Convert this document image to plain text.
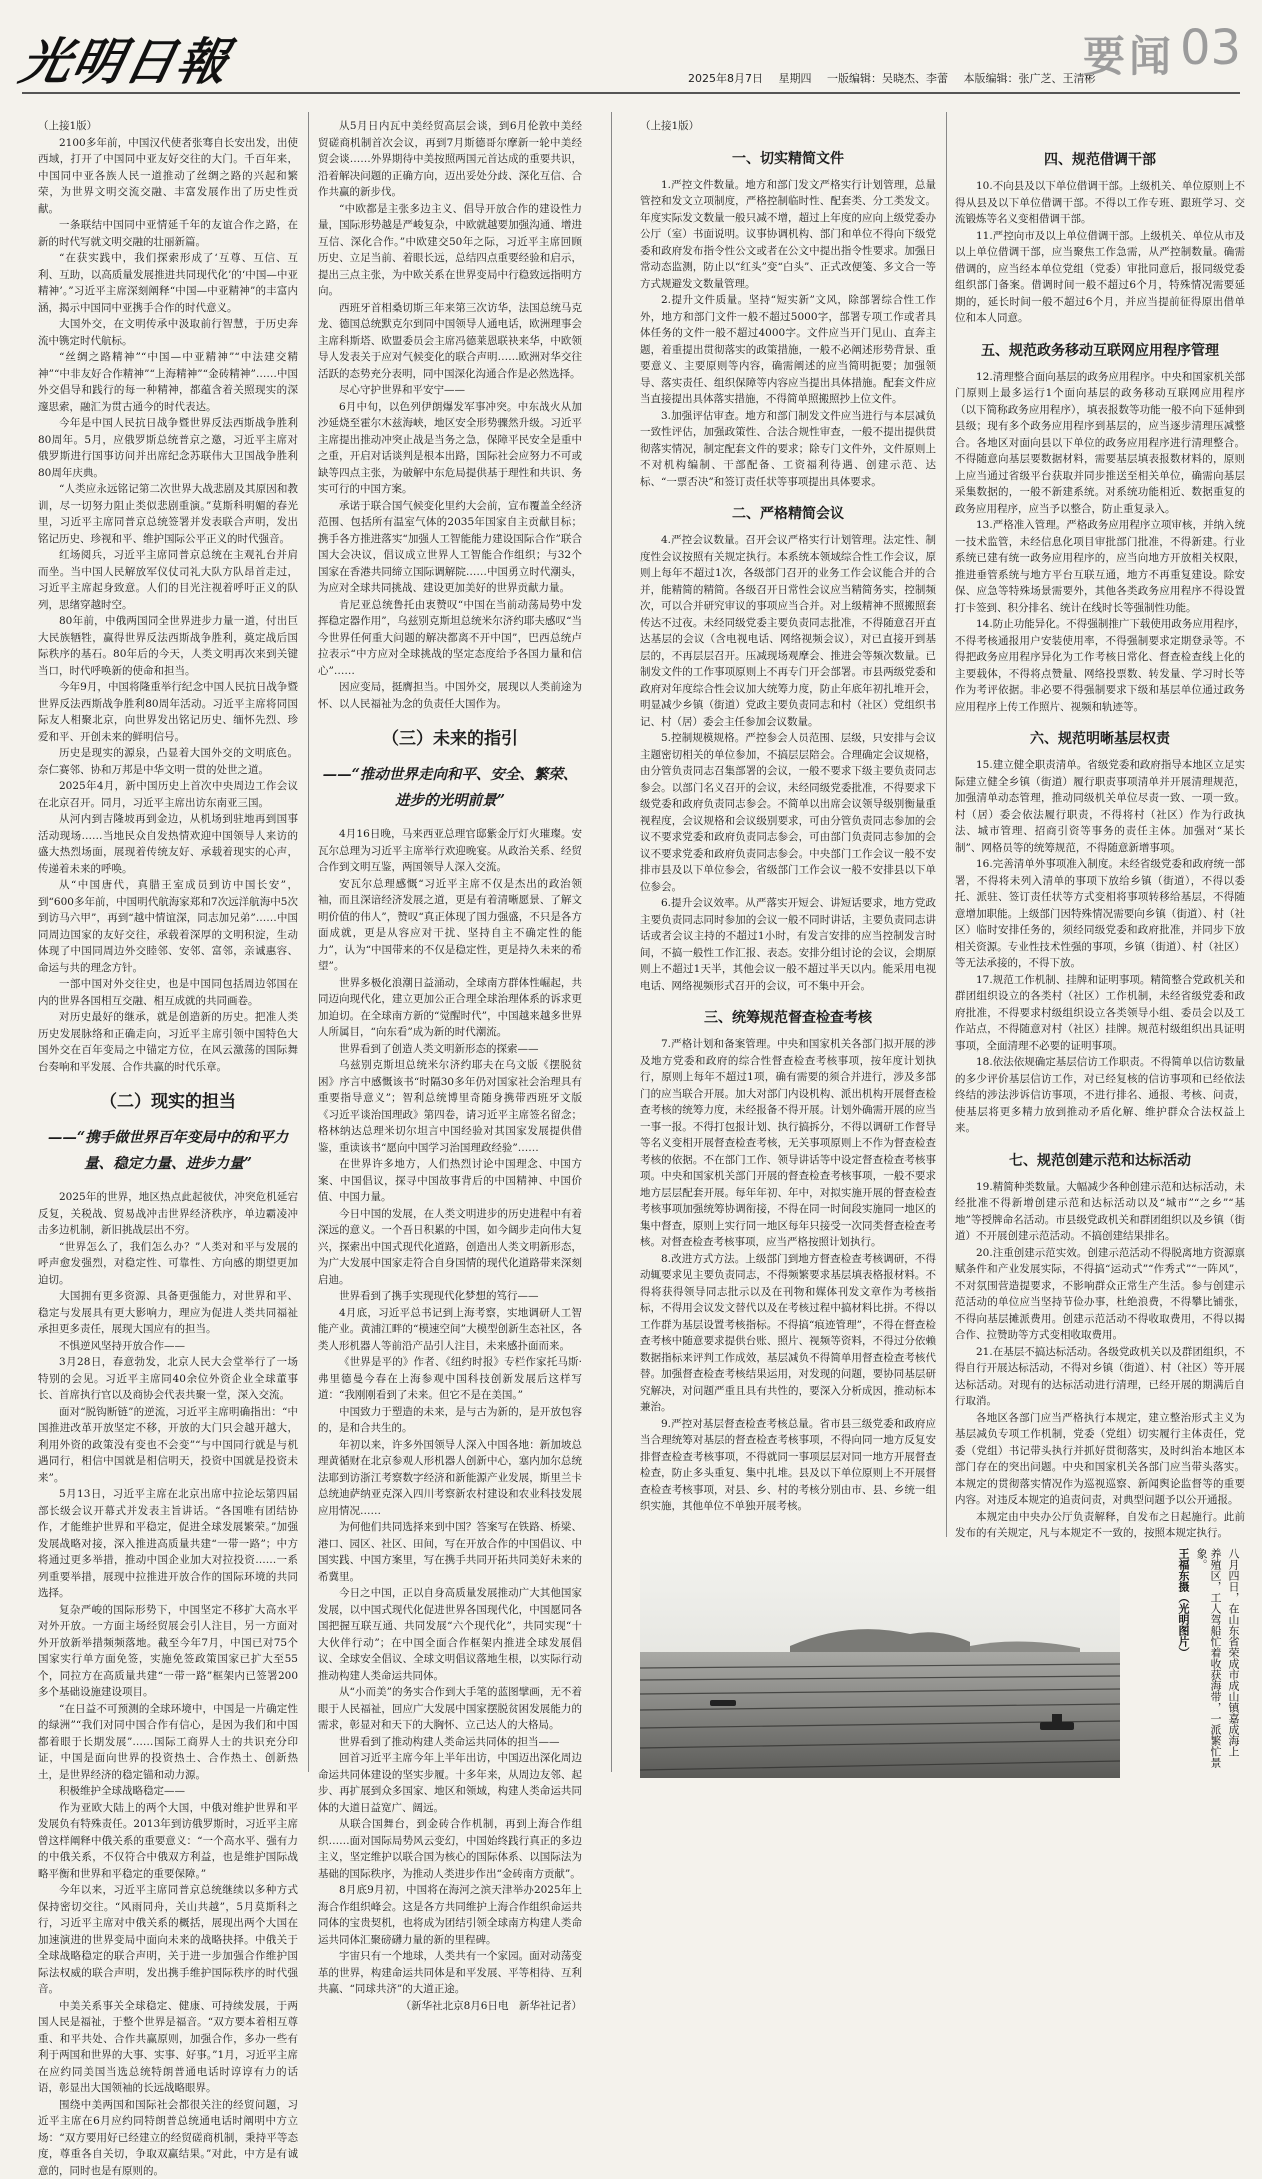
光明日報	2025年8月7日 星期四 一版编辑：吴晓杰、李蕾 本版编辑：张广芝、王清彬
要闻 03

（上接1版）

2100多年前，中国汉代使者张骞自长安出发，出使西域，打开了中国同中亚友好交往的大门。千百年来，中国同中亚各族人民一道推动了丝绸之路的兴起和繁荣，为世界文明交流交融、丰富发展作出了历史性贡献。

一条联结中国同中亚情延千年的友谊合作之路，在新的时代写就文明交融的壮丽新篇。

“在获实践中，我们探索形成了‘互尊、互信、互利、互助，以高质量发展推进共同现代化’的‘中国—中亚精神’。”习近平主席深刻阐释“中国—中亚精神”的丰富内涵，揭示中国同中亚携手合作的时代意义。

大国外交，在文明传承中汲取前行智慧，于历史奔流中镌定时代航标。

“丝绸之路精神”“中国—中亚精神”“中法建交精神”“中非友好合作精神”“上海精神”“金砖精神”……中国外交倡导和践行的每一种精神，都蕴含着关照现实的深邃思索，融汇为贯古通今的时代表达。

今年是中国人民抗日战争暨世界反法西斯战争胜利80周年。5月，应俄罗斯总统普京之邀，习近平主席对俄罗斯进行国事访问并出席纪念苏联伟大卫国战争胜利80周年庆典。

“人类应永远铭记第二次世界大战悲剧及其原因和教训，尽一切努力阻止类似悲剧重演。”莫斯科明媚的春光里，习近平主席同普京总统签署并发表联合声明，发出铭记历史、珍视和平、维护国际公平正义的时代强音。

红场阅兵，习近平主席同普京总统在主观礼台并肩而坐。当中国人民解放军仪仗司礼大队方队昂首走过，习近平主席起身致意。人们的目光注视着呼吁正义的队列，思绪穿越时空。

80年前，中俄两国同全世界进步力量一道，付出巨大民族牺牲，赢得世界反法西斯战争胜利，奠定战后国际秩序的基石。80年后的今天，人类文明再次来到关键当口，时代呼唤新的使命和担当。

今年9月，中国将隆重举行纪念中国人民抗日战争暨世界反法西斯战争胜利80周年活动。习近平主席将同国际友人相聚北京，向世界发出铭记历史、缅怀先烈、珍爱和平、开创未来的鲜明信号。

历史是现实的源泉，凸显着大国外交的文明底色。奈仁赛邻、协和万邦是中华文明一贯的处世之道。

2025年4月，新中国历史上首次中央周边工作会议在北京召开。同月，习近平主席出访东南亚三国。

从河内到吉隆坡再到金边，从机场到驻地再到国事活动现场……当地民众自发热情欢迎中国领导人来访的盛大热烈场面，展现着传统友好、承载着现实的心声，传递着未来的呼唤。

从“中国唐代，真腊王室成员到访中国长安”，到“600多年前，中国明代航海家郑和7次远洋航海中5次到访马六甲”，再到“越中情谊深，同志加兄弟”……中国同周边国家的友好交往，承载着深厚的文明积淀，生动体现了中国同周边外交睦邻、安邻、富邻，亲诚惠容、命运与共的理念方针。

一部中国对外交往史，也是中国同包括周边邻国在内的世界各国相互交融、相互成就的共同画卷。

对历史最好的继承，就是创造新的历史。把准人类历史发展脉络和正确走向，习近平主席引领中国特色大国外交在百年变局之中锚定方位，在风云激荡的国际舞台奏响和平发展、合作共赢的时代乐章。

（二）现实的担当
——“携手做世界百年变局中的和平力量、稳定力量、进步力量”

2025年的世界，地区热点此起彼伏，冲突危机延宕反复，关税战、贸易战冲击世界经济秩序，单边霸凌冲击多边机制，新旧挑战层出不穷。

“世界怎么了，我们怎么办？”人类对和平与发展的呼声愈发强烈，对稳定性、可靠性、方向感的期望更加迫切。

大国拥有更多资源、具备更强能力，对世界和平、稳定与发展具有更大影响力，理应为促进人类共同福祉承担更多责任，展现大国应有的担当。

不惧逆风坚持开放合作——

3月28日，春意勃发，北京人民大会堂举行了一场特别的会见。习近平主席同40余位外资企业全球董事长、首席执行官以及商协会代表共聚一堂，深入交流。

面对“脱钩断链”的逆流，习近平主席明确指出：“中国推进改革开放坚定不移，开放的大门只会越开越大，利用外资的政策没有变也不会变”“与中国同行就是与机遇同行，相信中国就是相信明天，投资中国就是投资未来”。

5月13日，习近平主席在北京出席中拉论坛第四届部长级会议开幕式并发表主旨讲话。“各国唯有团结协作，才能维护世界和平稳定，促进全球发展繁荣。”加强发展战略对接，深入推进高质量共建“一带一路”；中方将通过更多举措，推动中国企业加大对拉投资……一系列重要举措，展现中拉推进开放合作的国际环境的共同选择。

复杂严峻的国际形势下，中国坚定不移扩大高水平对外开放。一方面主场经贸展会引人注目，另一方面对外开放新举措频频落地。截至今年7月，中国已对75个国家实行单方面免签，实施免签政策国家已扩大至55个，同拉方在高质量共建“一带一路”框架内已签署200多个基础设施建设项目。

“在日益不可预测的全球环境中，中国是一片确定性的绿洲”“我们对同中国合作有信心，是因为我们和中国都着眼于长期发展”……国际工商界人士的共识充分印证，中国是面向世界的投资热土、合作热土、创新热土，是世界经济的稳定锚和动力源。

积极维护全球战略稳定——

作为亚欧大陆上的两个大国，中俄对维护世界和平发展负有特殊责任。2013年到访俄罗斯时，习近平主席曾这样阐释中俄关系的重要意义：“一个高水平、强有力的中俄关系，不仅符合中俄双方利益，也是维护国际战略平衡和世界和平稳定的重要保障。”

今年以来，习近平主席同普京总统继续以多种方式保持密切交往。“风雨同舟，关山共越”，5月莫斯科之行，习近平主席对中俄关系的概括，展现出两个大国在加速演进的世界变局中面向未来的战略抉择。中俄关于全球战略稳定的联合声明，关于进一步加强合作维护国际法权威的联合声明，发出携手维护国际秩序的时代强音。

中美关系事关全球稳定、健康、可持续发展，于两国人民是福祉，于整个世界是福音。“双方要本着相互尊重、和平共处、合作共赢原则，加强合作，多办一些有利于两国和世界的大事、实事、好事。”1月，习近平主席在应约同美国当选总统特朗普通电话时谆谆有力的话语，彰显出大国领袖的长远战略眼界。

围绕中美两国和国际社会都很关注的经贸问题，习近平主席在6月应约同特朗普总统通电话时阐明中方立场：“双方要用好已经建立的经贸磋商机制，秉持平等态度，尊重各自关切，争取双赢结果。”对此，中方是有诚意的，同时也是有原则的。

从5月日内瓦中美经贸高层会谈，到6月伦敦中美经贸磋商机制首次会议，再到7月斯德哥尔摩新一轮中美经贸会谈……外界期待中美按照两国元首达成的重要共识，沿着解决问题的正确方向，迈出妥处分歧、深化互信、合作共赢的新步伐。

“中欧都是主张多边主义、倡导开放合作的建设性力量，国际形势越是严峻复杂，中欧就越要加强沟通、增进互信、深化合作。”中欧建交50年之际，习近平主席回顾历史、立足当前、着眼长远，总结四点重要经验和启示，提出三点主张，为中欧关系在世界变局中行稳致远指明方向。

西班牙首相桑切斯三年来第三次访华，法国总统马克龙、德国总统默克尔到同中国领导人通电话，欧洲理事会主席科斯塔、欧盟委员会主席冯德莱恩联袂来华，中欧领导人发表关于应对气候变化的联合声明……欧洲对华交往活跃的态势充分表明，同中国深化沟通合作是必然选择。

尽心守护世界和平安宁——

6月中旬，以色列伊朗爆发军事冲突。中东战火从加沙延烧至霍尔木兹海峡，地区安全形势骤然升级。习近平主席提出推动冲突止战是当务之急，保障平民安全是重中之重，开启对话谈判是根本出路，国际社会应努力不可或缺等四点主张，为破解中东危局提供基于理性和共识、务实可行的中国方案。

承诺于联合国气候变化里约大会前，宣布覆盖全经济范围、包括所有温室气体的2035年国家自主贡献目标；携手各方推进落实“加强人工智能能力建设国际合作”联合国大会决议，倡议成立世界人工智能合作组织；与32个国家在香港共同缔立国际调解院……中国勇立时代潮头，为应对全球共同挑战、建设更加美好的世界贡献力量。

肯尼亚总统鲁托由衷赞叹“中国在当前动荡局势中发挥稳定器作用”，乌兹别克斯坦总统米尔济约耶夫感叹“当今世界任何重大问题的解决都离不开中国”，巴西总统卢拉表示“中方应对全球挑战的坚定态度给予各国力量和信心”……

因应变局，挺膺担当。中国外交，展现以人类前途为怀、以人民福祉为念的负责任大国作为。

（三）未来的指引
——“推动世界走向和平、安全、繁荣、进步的光明前景”

4月16日晚，马来西亚总理官邸紫金厅灯火璀璨。安瓦尔总理为习近平主席举行欢迎晚宴。从政治关系、经贸合作到文明互鉴，两国领导人深入交流。

安瓦尔总理感慨“习近平主席不仅是杰出的政治领袖，而且深谙经济发展之道，更是有着清晰愿景、了解文明价值的伟人”，赞叹“真正体现了国力强盛，不只是各方面成就，更是从容应对干扰、坚持自主不确定性的能力”，认为“中国带来的不仅是稳定性，更是持久未来的希望”。

世界多极化浪潮日益涌动，全球南方群体性崛起，共同迈向现代化，建立更加公正合理全球治理体系的诉求更加迫切。在全球南方新的“觉醒时代”，中国越来越多世界人所属目，“向东看”成为新的时代潮流。

世界看到了创造人类文明新形态的探索——

乌兹别克斯坦总统米尔济约耶夫在乌文版《摆脱贫困》序言中感慨该书“时隔30多年仍对国家社会治理具有重要指导意义”；智利总统博里奇随身携带西班牙文版《习近平谈治国理政》第四卷，请习近平主席签名留念；格林纳达总理米切尔坦言中国经验对其国家发展提供借鉴，重读该书“愿向中国学习治国理政经验”……

在世界许多地方，人们热烈讨论中国理念、中国方案、中国倡议，探寻中国故事背后的中国精神、中国价值、中国力量。

今日中国的发展，在人类文明进步的历史进程中有着深远的意义。一个吾日积累的中国，如今阔步走向伟大复兴，探索出中国式现代化道路，创造出人类文明新形态，为广大发展中国家走符合自身国情的现代化道路带来深刻启迪。

世界看到了携手实现现代化梦想的笃行——

4月底，习近平总书记到上海考察，实地调研人工智能产业。黄浦江畔的“模速空间”大模型创新生态社区，各类人形机器人等前沿产品引人注目，未来感扑面而来。

《世界是平的》作者、《纽约时报》专栏作家托马斯·弗里德曼今春在上海参观中国科技创新发展后这样写道：“我刚刚看到了未来。但它不是在美国。”

中国致力于塑造的未来，是与古为新的，是开放包容的，是和合共生的。

年初以来，许多外国领导人深入中国各地：新加坡总理黄循财在北京参观人形机器人创新中心，塞内加尔总统法耶到访浙江考察数字经济和新能源产业发展，斯里兰卡总统迪萨纳亚克深入四川考察新农村建设和农业科技发展应用情况……

为何他们共同选择来到中国？答案写在铁路、桥梁、港口、园区、社区、田间，写在开放合作的中国倡议、中国实践、中国方案里，写在携手共同开拓共同美好未来的希冀里。

今日之中国，正以自身高质量发展推动广大其他国家发展，以中国式现代化促进世界各国现代化，中国愿同各国把握互联互通、共同发展“六个现代化”，共同实现“十大伙伴行动”；在中国全面合作框架内推进全球发展倡议、全球安全倡议、全球文明倡议落地生根，以实际行动推动构建人类命运共同体。

从“小而美”的务实合作到大手笔的蓝图擘画，无不着眼于人民福祉，回应广大发展中国家摆脱贫困发展能力的需求，彰显对和天下的大胸怀、立己达人的大格局。

世界看到了推动构建人类命运共同体的担当——

回首习近平主席今年上半年出访，中国迈出深化周边命运共同体建设的坚实步履。十多年来，从周边友邻、起步、再扩展到众多国家、地区和领域，构建人类命运共同体的大道日益宽广、阔远。

从联合国舞台，到金砖合作机制，再到上海合作组织……面对国际局势风云变幻，中国始终践行真正的多边主义，坚定维护以联合国为核心的国际体系、以国际法为基础的国际秩序，为推动人类进步作出“金砖南方贡献”。

8月底9月初，中国将在海河之滨天津举办2025年上海合作组织峰会。这是各方共同维护上海合作组织命运共同体的宝贵契机，也将成为团结引领全球南方构建人类命运共同体汇聚磅礴力量的新的里程碑。

宇宙只有一个地球，人类共有一个家园。面对动荡变革的世界，构建命运共同体是和平发展、平等相待、互利共赢、“同球共济”的大道正途。

（新华社北京8月6日电　新华社记者）

（上接1版）

一、切实精简文件

1.严控文件数量。地方和部门发文严格实行计划管理，总量管控和发文立项制度，严格控制临时性、配套类、分工类发文。年度实际发文数量一般只减不增，超过上年度的应向上级党委办公厅（室）书面说明。议事协调机构、部门和单位不得向下级党委和政府发布指令性公文或者在公文中提出指令性要求。加强日常动态监测，防止以“红头”变“白头”、正式改便笺、多文合一等方式规避发文数量管理。

2.提升文件质量。坚持“短实新”文风，除部署综合性工作外，地方和部门文件一般不超过5000字，部署专项工作或者具体任务的文件一般不超过4000字。文件应当开门见山、直奔主题，着重提出贯彻落实的政策措施，一般不必阐述形势背景、重要意义、主要原则等内容，确需阐述的应当简明扼要；加强领导、落实责任、组织保障等内容应当提出具体措施。配套文件应当直接提出具体落实措施，不得简单照搬照抄上位文件。

3.加强评估审查。地方和部门制发文件应当进行与本层减负一致性评估，加强政策性、合法合规性审查，一般不提出提供贯彻落实情况，制定配套文件的要求；除专门文件外，文件原则上不对机构编制、干部配备、工资福利待遇、创建示范、达标、“一票否决”和签订责任状等事项提出具体要求。

二、严格精简会议

4.严控会议数量。召开会议严格实行计划管理。法定性、制度性会议按照有关规定执行。本系统本领域综合性工作会议，原则上每年不超过1次，各级部门召开的业务工作会议能合并的合并，能精简的精简。各级召开日常性会议应当精简务实，控制频次，可以合并研究审议的事项应当合并。对上级精神不照搬照套传达不过夜。未经同级党委主要负责同志批准，不得随意召开直达基层的会议（含电视电话、网络视频会议），对已直接开到基层的，不再层层召开。压减现场观摩会、推进会等频次数量。已制发文件的工作事项原则上不再专门开会部署。市县两级党委和政府对年度综合性会议加大统筹力度，防止年底年初扎堆开会，明显减少乡镇（街道）党政主要负责同志和村（社区）党组织书记、村（居）委会主任参加会议数量。

5.控制规模规格。严控参会人员范围、层级，只安排与会议主题密切相关的单位参加，不搞层层陪会。合理确定会议规格，由分管负责同志召集部署的会议，一般不要求下级主要负责同志参会。以部门名义召开的会议，未经同级党委批准，不得要求下级党委和政府负责同志参会。不简单以出席会议领导级别衡量重视程度，会议规格和会议级别要求，可由分管负责同志参加的会议不要求党委和政府负责同志参会，可由部门负责同志参加的会议不要求党委和政府负责同志参会。中央部门工作会议一般不安排市县及以下单位参会，省级部门工作会议一般不安排县以下单位参会。

6.提升会议效率。从严落实开短会、讲短话要求，地方党政主要负责同志同时参加的会议一般不同时讲话，主要负责同志讲话或者会议主持的不超过1小时，有发言安排的应当控制发言时间，不搞一般性工作汇报、表态。安排分组讨论的会议，会期原则上不超过1天半，其他会议一般不超过半天以内。能采用电视电话、网络视频形式召开的会议，可不集中开会。

三、统筹规范督查检查考核

7.严格计划和备案管理。中央和国家机关各部门拟开展的涉及地方党委和政府的综合性督查检查考核事项，按年度计划执行，原则上每年不超过1项，确有需要的须合并进行，涉及多部门的应当联合开展。加大对部门内设机构、派出机构开展督查检查考核的统筹力度，未经报备不得开展。计划外确需开展的应当一事一报。不得打包报计划、执行搞拆分，不得以调研工作督导等名义变相开展督查检查考核，无关事项原则上不作为督查检查考核的依据。不在部门工作、领导讲话等中设定督查检查考核事项。中央和国家机关部门开展的督查检查考核事项，一般不要求地方层层配套开展。每年年初、年中，对拟实施开展的督查检查考核事项加强统筹协调衔接，不得在同一时间段实施同一地区的集中督查，原则上实行同一地区每年只接受一次同类督查检查考核。对督查检查考核事项，应当严格按照计划执行。

8.改进方式方法。上级部门到地方督查检查考核调研，不得动辄要求见主要负责同志，不得频繁要求基层填表格报材料。不得将获得领导同志批示以及在刊物和媒体刊发文章作为考核指标，不得用会议发文替代以及在考核过程中搞材料比拼。不得以工作群为基层设置考核指标。不得搞“痕迹管理”，不得在督查检查考核中随意要求提供台账、照片、视频等资料，不得过分依赖数据指标来评判工作成效，基层减负不得简单用督查检查考核代替。加强督查检查考核结果运用，对发现的问题，要协同基层研究解决，对问题严重且具有共性的，要深入分析成因，推动标本兼治。

9.严控对基层督查检查考核总量。省市县三级党委和政府应当合理统筹对基层的督查检查考核事项，不得向同一地方反复安排督查检查考核事项，不得就同一事项层层对同一地方开展督查检查，防止多头重复、集中扎堆。县及以下单位原则上不开展督查检查考核事项，对县、乡、村的考核分别由市、县、乡统一组织实施，其他单位不单独开展考核。

四、规范借调干部

10.不向县及以下单位借调干部。上级机关、单位原则上不得从县及以下单位借调干部。不得以工作专班、跟班学习、交流锻炼等名义变相借调干部。

11.严控向市及以上单位借调干部。上级机关、单位从市及以上单位借调干部，应当聚焦工作急需，从严控制数量。确需借调的，应当经本单位党组（党委）审批同意后，报同级党委组织部门备案。借调时间一般不超过6个月，特殊情况需要延期的，延长时间一般不超过6个月，并应当提前征得原出借单位和本人同意。

五、规范政务移动互联网应用程序管理

12.清理整合面向基层的政务应用程序。中央和国家机关部门原则上最多运行1个面向基层的政务移动互联网应用程序（以下简称政务应用程序），填表报数等功能一般不向下延伸到县级；现有多个政务应用程序到基层的，应当逐步清理压减整合。各地区对面向县以下单位的政务应用程序进行清理整合。不得随意向基层要数据材料，需要基层填表报数材料的，原则上应当通过省级平台获取并同步推送至相关单位，确需向基层采集数据的，一般不新建系统。对系统功能相近、数据重复的政务应用程序，应当予以整合，防止重复录入。

13.严格准入管理。严格政务应用程序立项审核，并纳入统一技术监管，未经信息化项目审批部门批准，不得新建。行业系统已建有统一政务应用程序的，应当向地方开放相关权限，推进垂管系统与地方平台互联互通，地方不再重复建设。除安保、应急等特殊场景需要外，其他各类政务应用程序不得设置打卡签到、积分排名、统计在线时长等强制性功能。

14.防止功能异化。不得强制推广下载使用政务应用程序，不得考核通报用户安装使用率，不得强制要求定期登录等。不得把政务应用程序异化为工作考核日常化、督查检查线上化的主要载体，不得将点赞量、网络投票数、转发量、学习时长等作为考评依据。非必要不得强制要求下级和基层单位通过政务应用程序上传工作照片、视频和轨迹等。

六、规范明晰基层权责

15.建立健全职责清单。省级党委和政府指导本地区立足实际建立健全乡镇（街道）履行职责事项清单并开展清理规范，加强清单动态管理，推动同级机关单位尽责一致、一项一致。村（居）委会依法履行职责，不得将村（社区）作为行政执法、城市管理、招商引资等事务的责任主体。加强对“某长制”、网格员等的统筹规范，不得随意新增事项。

16.完善清单外事项准入制度。未经省级党委和政府统一部署，不得将未列入清单的事项下放给乡镇（街道），不得以委托、派驻、签订责任状等方式变相将事项转移给基层，不得随意增加职能。上级部门因特殊情况需要向乡镇（街道）、村（社区）临时安排任务的，须经同级党委和政府批准，并同步下放相关资源。专业性技术性强的事项，乡镇（街道）、村（社区）等无法承接的，不得下放。

17.规范工作机制、挂牌和证明事项。精简整合党政机关和群团组织设立的各类村（社区）工作机制，未经省级党委和政府批准，不得要求村级组织设立各类领导小组、委员会以及工作站点，不得随意对村（社区）挂牌。规范村级组织出具证明事项，全面清理不必要的证明事项。

18.依法依规确定基层信访工作职责。不得简单以信访数量的多少评价基层信访工作，对已经复核的信访事项和已经依法终结的涉法涉诉信访事项，不进行排名、通报、考核、问责，使基层将更多精力放到推动矛盾化解、维护群众合法权益上来。

七、规范创建示范和达标活动

19.精简种类数量。大幅减少各种创建示范和达标活动，未经批准不得新增创建示范和达标活动以及“城市”“之乡”“基地”等授牌命名活动。市县级党政机关和群团组织以及乡镇（街道）不开展创建示范活动。不搞创建结果排名。

20.注重创建示范实效。创建示范活动不得脱离地方资源禀赋条件和产业发展实际，不得搞“运动式”“作秀式”“一阵风”，不对氛围营造提要求，不影响群众正常生产生活。参与创建示范活动的单位应当坚持节俭办事，杜绝浪费，不得攀比铺张，不得向基层摊派费用。创建示范活动不得收取费用，不得以揭合作、拉赞助等方式变相收取费用。

21.在基层不搞达标活动。各级党政机关以及群团组织，不得自行开展达标活动，不得对乡镇（街道）、村（社区）等开展达标活动。对现有的达标活动进行清理，已经开展的期满后自行取消。

各地区各部门应当严格执行本规定，建立整治形式主义为基层减负专项工作机制，党委（党组）切实履行主体责任，党委（党组）书记带头执行并抓好贯彻落实，及时纠治本地区本部门存在的突出问题。中央和国家机关各部门应当带头落实。本规定的贯彻落实情况作为巡视巡察、新闻舆论监督等的重要内容。对违反本规定的追责问责，对典型问题予以公开通报。

本规定由中央办公厅负责解释，自发布之日起施行。此前发布的有关规定，凡与本规定不一致的，按照本规定执行。

八月四日，在山东省荣成市成山镇嘉成海上
养殖区，工人驾船忙着收获海带，一派繁忙景象。
王福东摄（光明图片）
